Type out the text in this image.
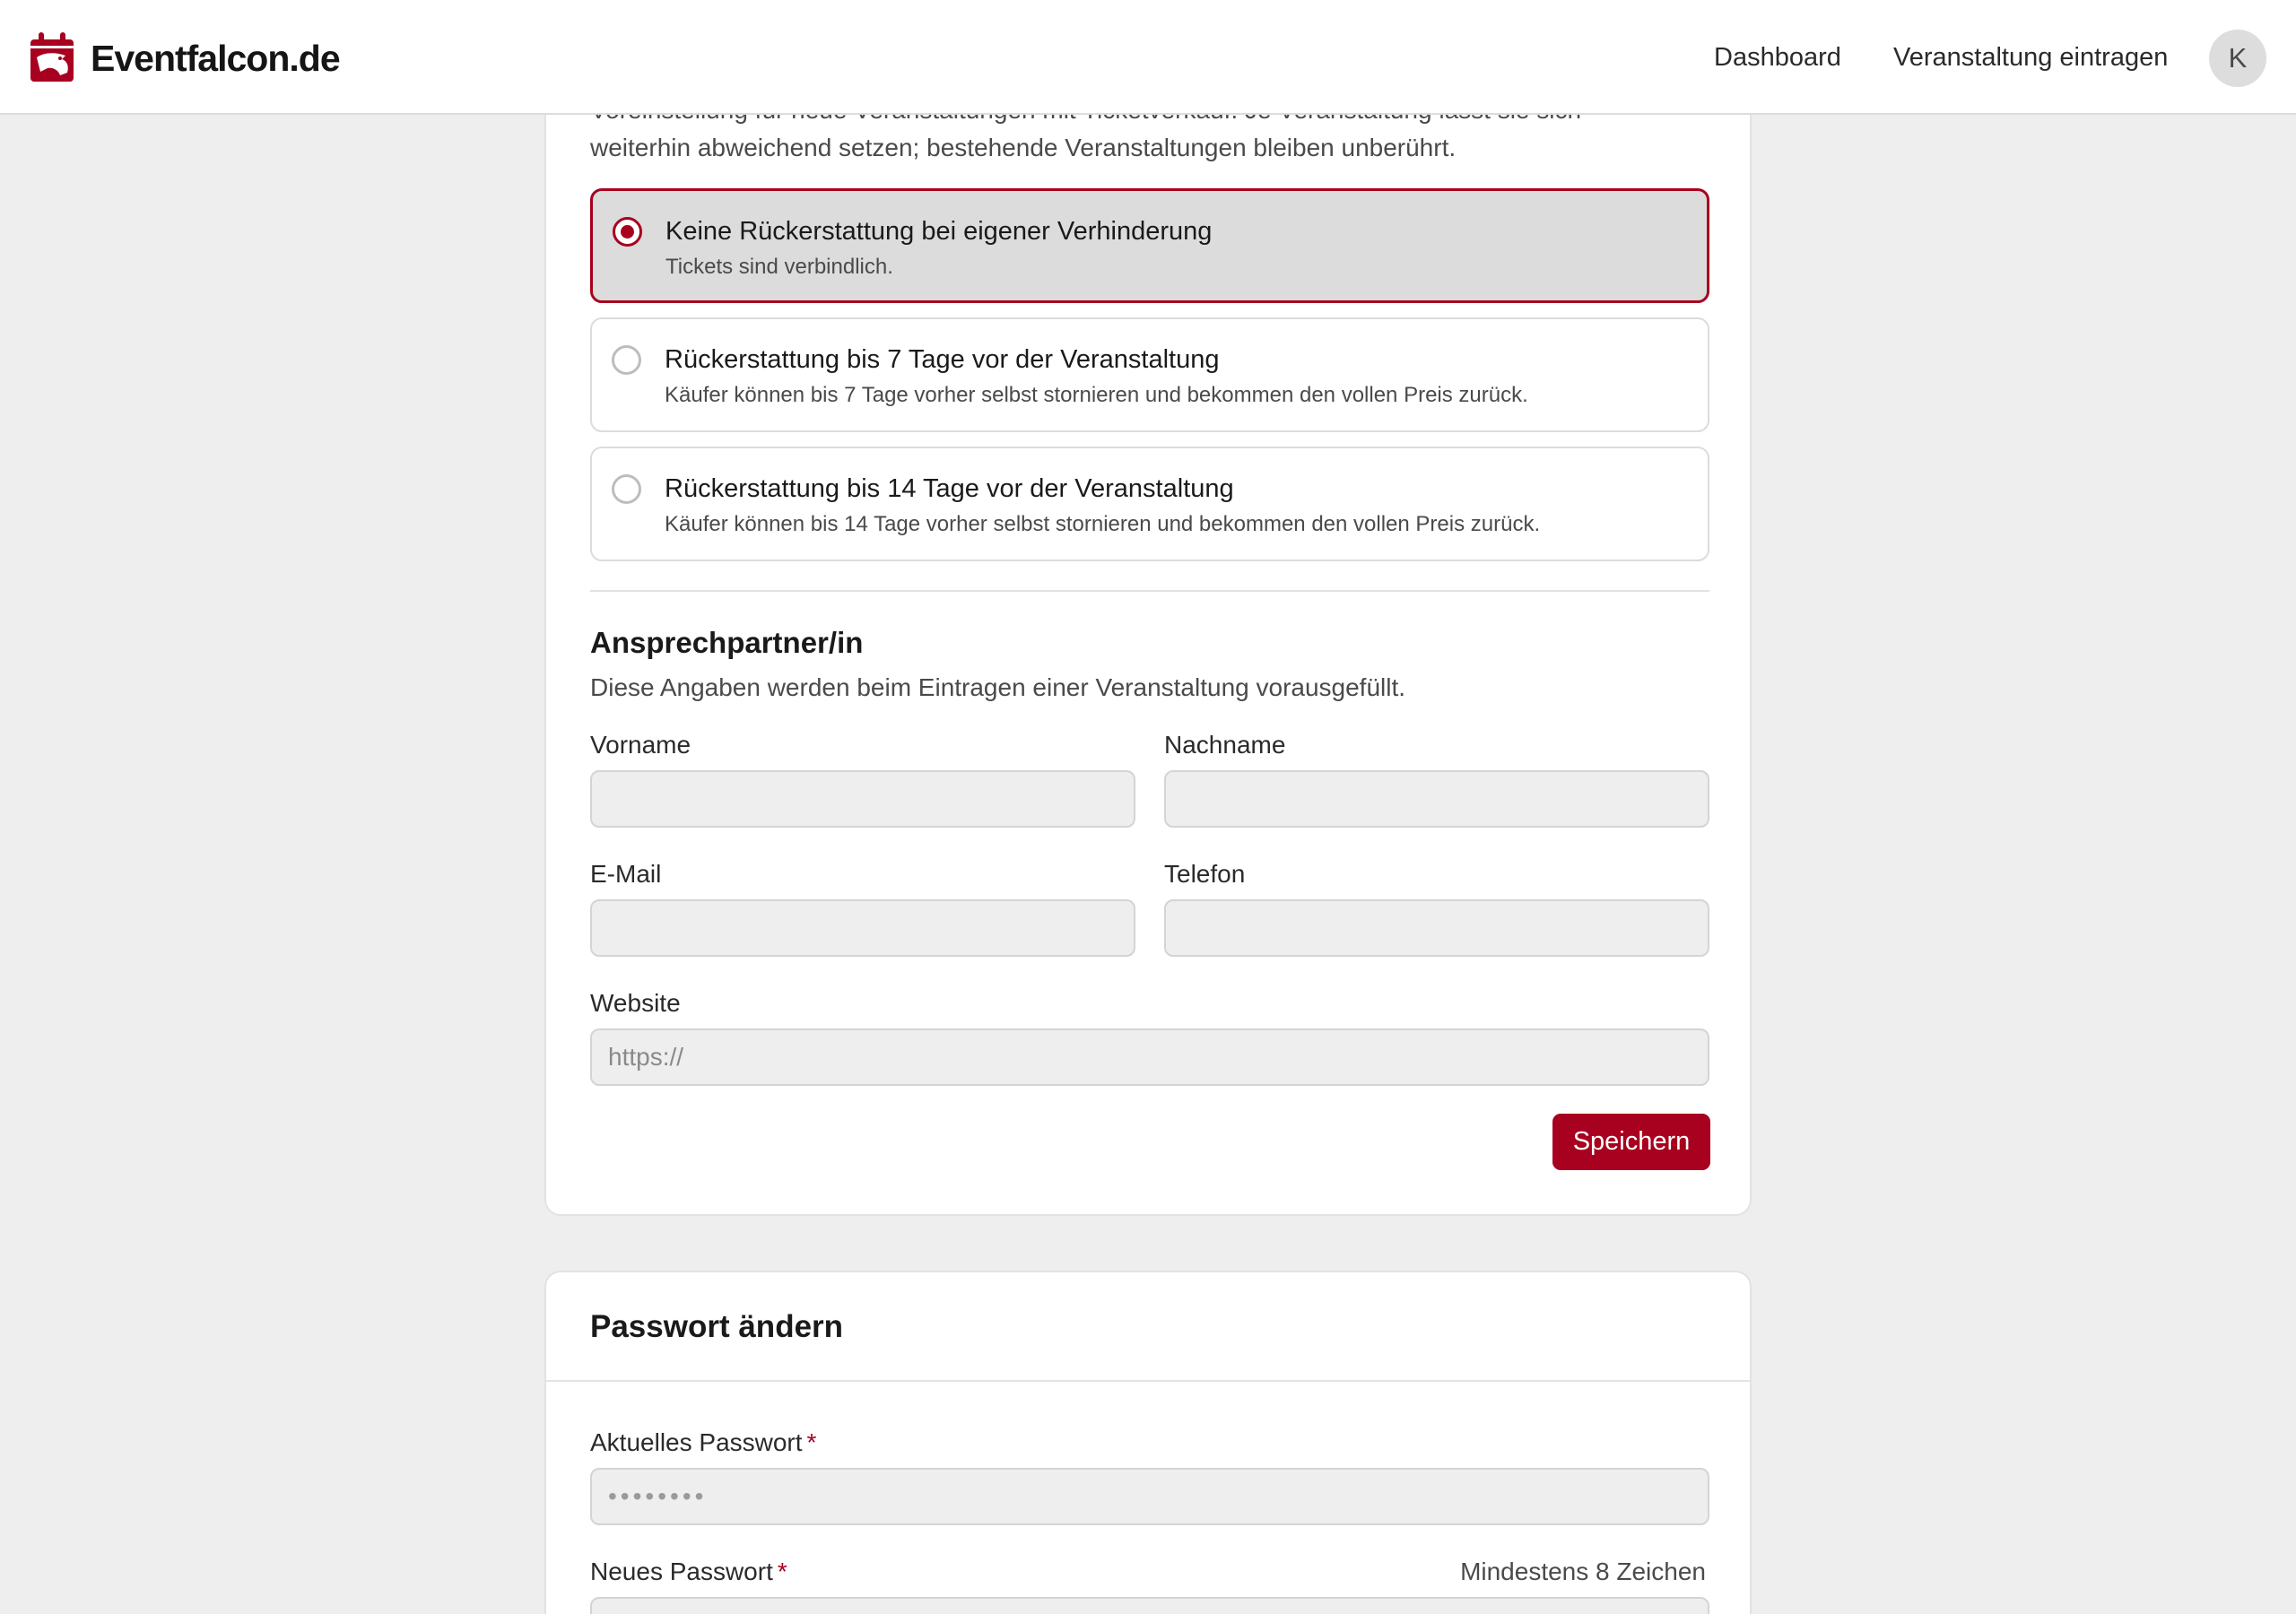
Eventfalcon.de	Dashboard Veranstaltung eintragen	K
weiterhin abweichend setzen; bestehende Veranstaltungen bleiben unberührt.
Keine Rückerstattung bei eigener Verhinderung
Tickets sind verbindlich.
Rückerstattung bis 7 Tage vor der Veranstaltung
Käufer können bis 7 Tage vorher selbst stornieren und bekommen den vollen Preis zurück.
Rückerstattung bis 14 Tage vor der Veranstaltung
Käufer können bis 14 Tage vorher selbst stornieren und bekommen den vollen Preis zurück.
Ansprechpartner/in
Diese Angaben werden beim Eintragen einer Veranstaltung vorausgefüllt.
Vorname	Nachname
E-Mail	Telefon
Website
https://
Speichern
Passwort ändern
Aktuelles Passwort *
Neues Passwort *	Mindestens 8 Zeichen
